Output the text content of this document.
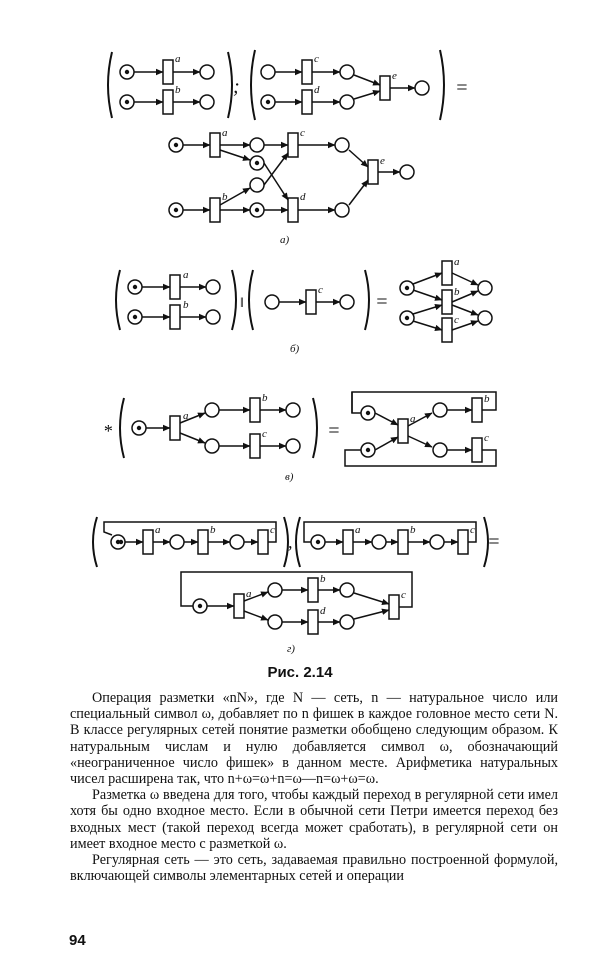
a
b	;
c
d
e
=
a	c
b	d
e
а)
a
b	‖
c
=
a
b
c
б)
*
a
b
c	=
a
b
c
в)
a	b	c
,
a	b	c
=
a
b
d
c
г)
Рис. 2.14

Операция разметки «nN», где N — сеть, n — натуральное число или специальный символ ω, добавляет по n фишек в каждое головное место сети N. В классе регулярных сетей понятие разметки обобщено следующим образом. К натуральным числам и нулю добавляется символ ω, обозначающий «неограниченное число фишек» в данном месте. Арифметика натуральных чисел расширена так, что n+ω=ω+n=ω—n=ω+ω=ω.

Разметка ω введена для того, чтобы каждый переход в регулярной сети имел хотя бы одно входное место. Если в обычной сети Петри имеется переход без входных мест (такой переход всегда может сработать), в регулярной сети он имеет входное место с разметкой ω.

Регулярная сеть — это сеть, задаваемая правильно построенной формулой, включающей символы элементарных сетей и операции

94
